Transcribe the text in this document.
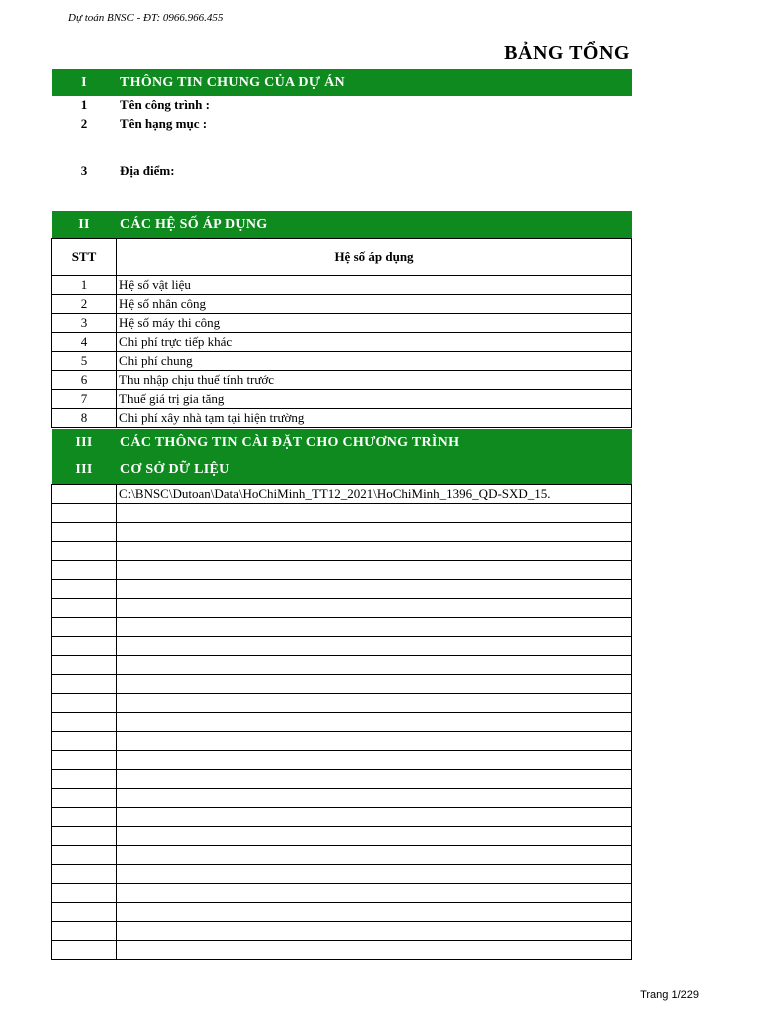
Dự toán BNSC - ĐT: 0966.966.455
BẢNG TỔNG
I	THÔNG TIN CHUNG CỦA DỰ ÁN
1	Tên công trình :
2	Tên hạng mục :
3	Địa điểm:
II	CÁC HỆ SỐ ÁP DỤNG
STT	Hệ số áp dụng
1	Hệ số vật liệu
2	Hệ số nhân công
3	Hệ số máy thi công
4	Chi phí trực tiếp khác
5	Chi phí chung
6	Thu nhập chịu thuế tính trước
7	Thuế giá trị gia tăng
8	Chi phí xây nhà tạm tại hiện trường
III	CÁC THÔNG TIN CÀI ĐẶT CHO CHƯƠNG TRÌNH
III	CƠ SỞ DỮ LIỆU
	C:\BNSC\Dutoan\Data\HoChiMinh_TT12_2021\HoChiMinh_1396_QD-SXD_15.

Trang 1/229
